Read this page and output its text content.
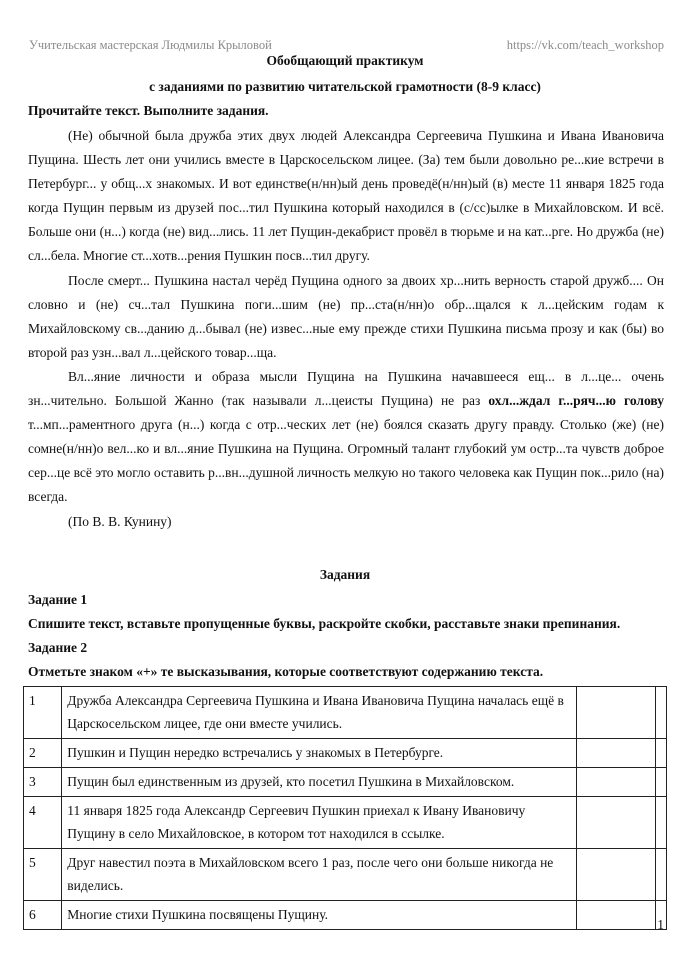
Учительская мастерская Людмилы Крыловой	https://vk.com/teach_workshop
Обобщающий практикум
с заданиями по развитию читательской грамотности (8-9 класс)
Прочитайте текст. Выполните задания.

(Не) обычной была дружба этих двух людей Александра Сергеевича Пушкина и Ивана Ивановича Пущина. Шесть лет они учились вместе в Царскосельском лицее. (За) тем были довольно ре...кие встречи в Петербург... у общ...х знакомых. И вот единстве(н/нн)ый день проведё(н/нн)ый (в) месте 11 января 1825 года когда Пущин первым из друзей пос...тил Пушкина который находился в (с/сс)ылке в Михайловском. И всё. Больше они (н...) когда (не) вид...лись. 11 лет Пущин-декабрист провёл в тюрьме и на кат...рге. Но дружба (не) сл...бела. Многие ст...хотв...рения Пушкин посв...тил другу.

После смерт... Пушкина настал черёд Пущина одного за двоих хр...нить верность старой дружб.... Он словно и (не) сч...тал Пушкина поги...шим (не) пр...ста(н/нн)о обр...щался к л...цейским годам к Михайловскому св...данию д...бывал (не) извес...ные ему прежде стихи Пушкина письма прозу и как (бы) во второй раз узн...вал л...цейского товар...ща.

Вл...яние личности и образа мысли Пущина на Пушкина начавшееся ещ... в л...це... очень зн...чительно. Большой Жанно (так называли л...цеисты Пущина) не раз охл...ждал г...ряч...ю голову т...мп...раментного друга (н...) когда с отр...ческих лет (не) боялся сказать другу правду. Столько (же) (не) сомне(н/нн)о вел...ко и вл...яние Пушкина на Пущина. Огромный талант глубокий ум остр...та чувств доброе сер...це всё это могло оставить р...вн...душной личность мелкую но такого человека как Пущин пок...рило (на) всегда.

(По В. В. Кунину)

Задания
Задание 1
Спишите текст, вставьте пропущенные буквы, раскройте скобки, расставьте знаки препинания.
Задание 2
Отметьте знаком «+» те высказывания, которые соответствуют содержанию текста.
1	Дружба Александра Сергеевича Пушкина и Ивана Ивановича Пущина началась ещё в Царскосельском лицее, где они вместе учились.		
2	Пушкин и Пущин нередко встречались у знакомых в Петербурге.		
3	Пущин был единственным из друзей, кто посетил Пушкина в Михайловском.		
4	11 января 1825 года Александр Сергеевич Пушкин приехал к Ивану Ивановичу Пущину в село Михайловское, в котором тот находился в ссылке.		
5	Друг навестил поэта в Михайловском всего 1 раз, после чего они больше никогда не виделись.		
6	Многие стихи Пушкина посвящены Пущину.		
1
